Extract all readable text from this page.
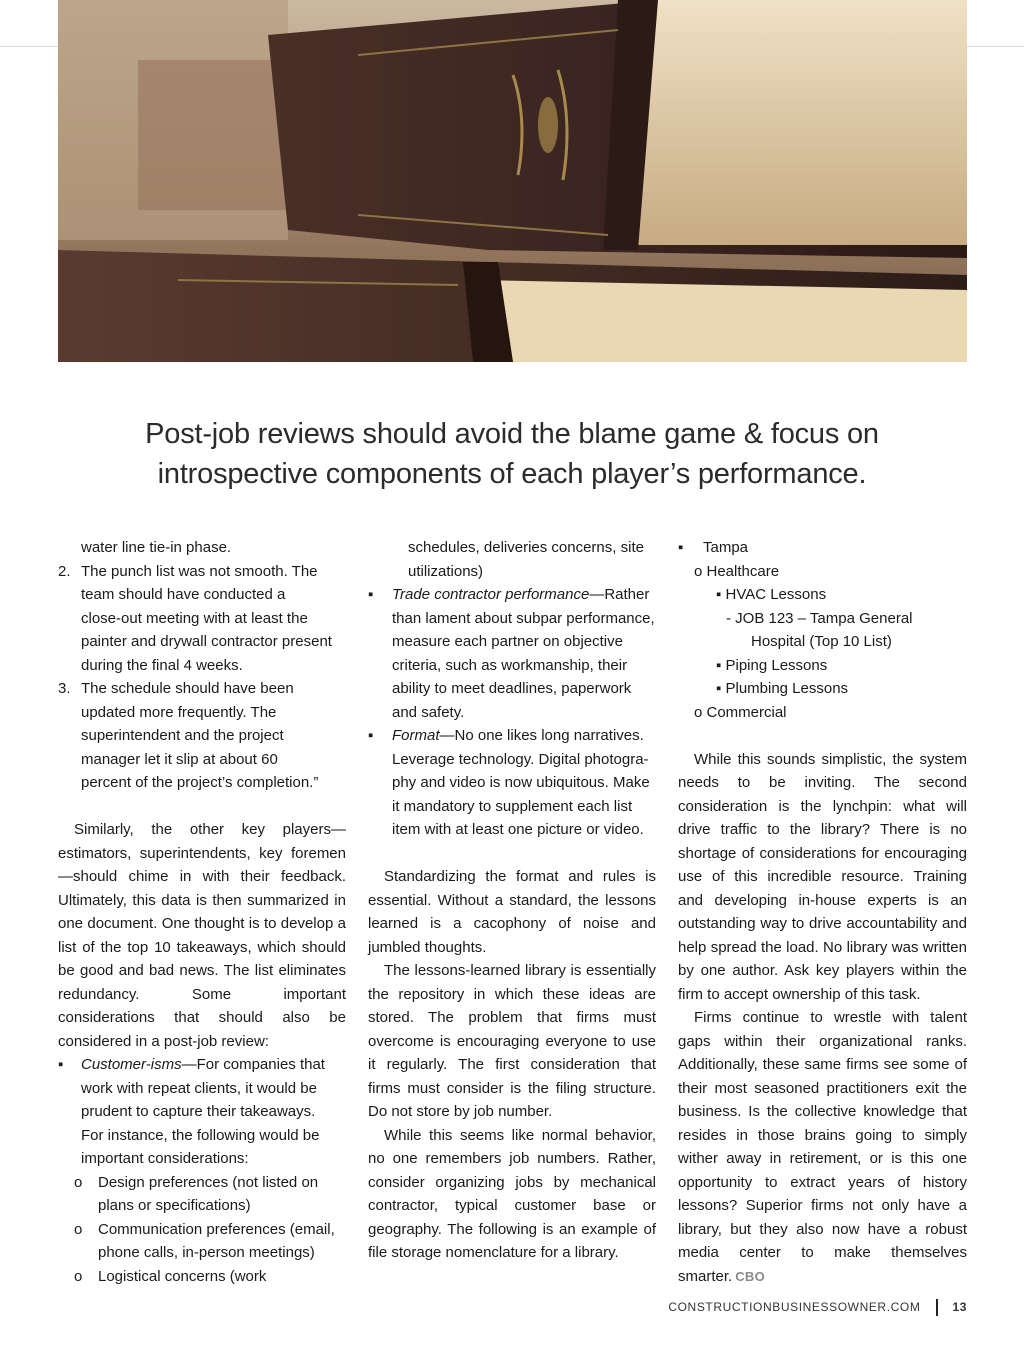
Post-job reviews should avoid the blame game & focus on
introspective components of each player’s performance.
water line tie-in phase.
2. The punch list was not smooth. The
team should have conducted a
close-out meeting with at least the
painter and drywall contractor present
during the final 4 weeks.
3. The schedule should have been
updated more frequently. The
superintendent and the project
manager let it slip at about 60
percent of the project’s completion.”

Similarly, the other key players—estimators, superintendents, key foremen—should chime in with their feedback. Ultimately, this data is then summarized in one document. One thought is to develop a list of the top 10 takeaways, which should be good and bad news. The list eliminates redundancy. Some important considerations that should also be considered in a post-job review:

▪	Customer-isms—For companies that
work with repeat clients, it would be
prudent to capture their takeaways.
For instance, the following would be
important considerations:
o	Design preferences (not listed on
plans or specifications)
o	Communication preferences (email,
phone calls, in-person meetings)
o	Logistical concerns (work
schedules, deliveries concerns, site
utilizations)
▪	Trade contractor performance—Rather
than lament about subpar performance,
measure each partner on objective
criteria, such as workmanship, their
ability to meet deadlines, paperwork
and safety.
▪	Format—No one likes long narratives.
Leverage technology. Digital photogra-
phy and video is now ubiquitous. Make
it mandatory to supplement each list
item with at least one picture or video.

Standardizing the format and rules is essential. Without a standard, the lessons learned is a cacophony of noise and jumbled thoughts.

The lessons-learned library is essentially the repository in which these ideas are stored. The problem that firms must overcome is encouraging everyone to use it regularly. The first consideration that firms must consider is the filing structure. Do not store by job number.

While this seems like normal behavior, no one remembers job numbers. Rather, consider organizing jobs by mechanical contractor, typical customer base or geography. The following is an example of file storage nomenclature for a library.

▪	Tampa
o Healthcare
▪ HVAC Lessons
- JOB 123 – Tampa General
Hospital (Top 10 List)
▪ Piping Lessons
▪ Plumbing Lessons
o Commercial

While this sounds simplistic, the system needs to be inviting. The second consideration is the lynchpin: what will drive traffic to the library? There is no shortage of considerations for encouraging use of this incredible resource. Training and developing in-house experts is an outstanding way to drive accountability and help spread the load. No library was written by one author. Ask key players within the firm to accept ownership of this task.

Firms continue to wrestle with talent gaps within their organizational ranks. Additionally, these same firms see some of their most seasoned practitioners exit the business. Is the collective knowledge that resides in those brains going to simply wither away in retirement, or is this one opportunity to extract years of history lessons? Superior firms not only have a library, but they also now have a robust media center to make themselves smarter. CBO

CONSTRUCTIONBUSINESSOWNER.COM	13
